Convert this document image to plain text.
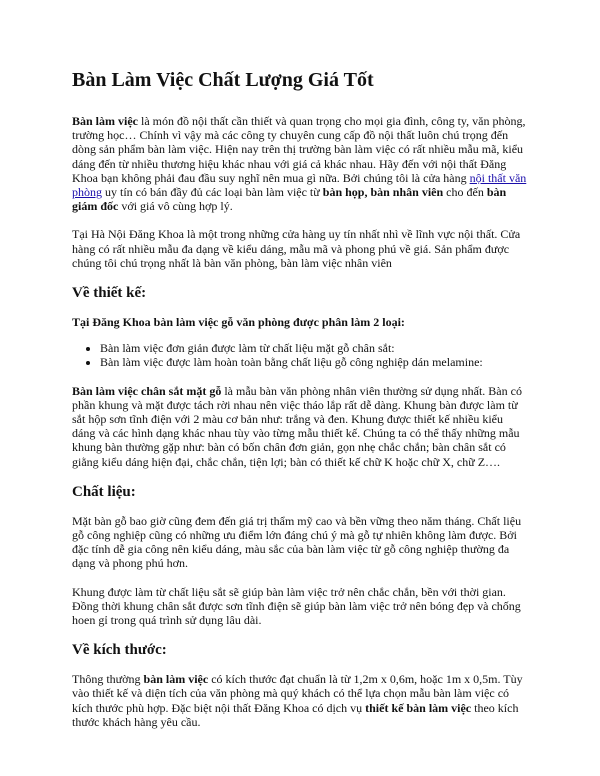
Bàn Làm Việc Chất Lượng Giá Tốt

Bàn làm việc là món đồ nội thất cần thiết và quan trọng cho mọi gia đình, công ty, văn phòng, trường học… Chính vì vậy mà các công ty chuyên cung cấp đồ nội thất luôn chú trọng đến dòng sản phẩm bàn làm việc. Hiện nay trên thị trường bàn làm việc có rất nhiều mẫu mã, kiểu dáng đến từ nhiều thương hiệu khác nhau với giá cả khác nhau. Hãy đến với nội thất Đăng Khoa bạn không phải đau đầu suy nghĩ nên mua gì nữa. Bởi chúng tôi là cửa hàng nội thất văn phòng uy tín có bán đầy đủ các loại bàn làm việc từ bàn họp, bàn nhân viên cho đến bàn giám đốc với giá vô cùng hợp lý.

Tại Hà Nội Đăng Khoa là một trong những cửa hàng uy tín nhất nhì về lĩnh vực nội thất. Cửa hàng có rất nhiều mẫu đa dạng về kiểu dáng, mẫu mã và phong phú về giá. Sản phẩm được chúng tôi chú trọng nhất là bàn văn phòng, bàn làm việc nhân viên

Về thiết kế:

Tại Đăng Khoa bàn làm việc gỗ văn phòng được phân làm 2 loại:

• Bàn làm việc đơn giản được làm từ chất liệu mặt gỗ chân sắt:
• Bàn làm việc được làm hoàn toàn bằng chất liệu gỗ công nghiệp dán melamine:

Bàn làm việc chân sắt mặt gỗ là mẫu bàn văn phòng nhân viên thường sử dụng nhất. Bàn có phần khung và mặt được tách rời nhau nên việc tháo lắp rất dễ dàng. Khung bàn được làm từ sắt hộp sơn tĩnh điện với 2 màu cơ bản như: trắng và đen. Khung được thiết kế nhiều kiểu dáng và các hình dạng khác nhau tùy vào từng mẫu thiết kế. Chúng ta có thể thấy những mẫu khung bàn thường gặp như: bàn có bốn chân đơn giản, gọn nhẹ chắc chắn; bàn chân sắt có giằng kiểu dáng hiện đại, chắc chắn, tiện lợi; bàn có thiết kế chữ K hoặc chữ X, chữ Z….

Chất liệu:

Mặt bàn gỗ bao giờ cũng đem đến giá trị thẩm mỹ cao và bền vững theo năm tháng. Chất liệu gỗ công nghiệp cũng có những ưu điểm lớn đáng chú ý mà gỗ tự nhiên không làm được. Bởi đặc tính dễ gia công nên kiểu dáng, màu sắc của bàn làm việc từ gỗ công nghiệp thường đa dạng và phong phú hơn.

Khung được làm từ chất liệu sắt sẽ giúp bàn làm việc trở nên chắc chắn, bền với thời gian. Đồng thời khung chân sắt được sơn tĩnh điện sẽ giúp bàn làm việc trở nên bóng đẹp và chống hoen gỉ trong quá trình sử dụng lâu dài.

Về kích thước:

Thông thường bàn làm việc có kích thước đạt chuẩn là từ 1,2m x 0,6m, hoặc 1m x 0,5m. Tùy vào thiết kế và diện tích của văn phòng mà quý khách có thể lựa chọn mẫu bàn làm việc có kích thước phù hợp. Đặc biệt nội thất Đăng Khoa có dịch vụ thiết kế bàn làm việc theo kích thước khách hàng yêu cầu.
